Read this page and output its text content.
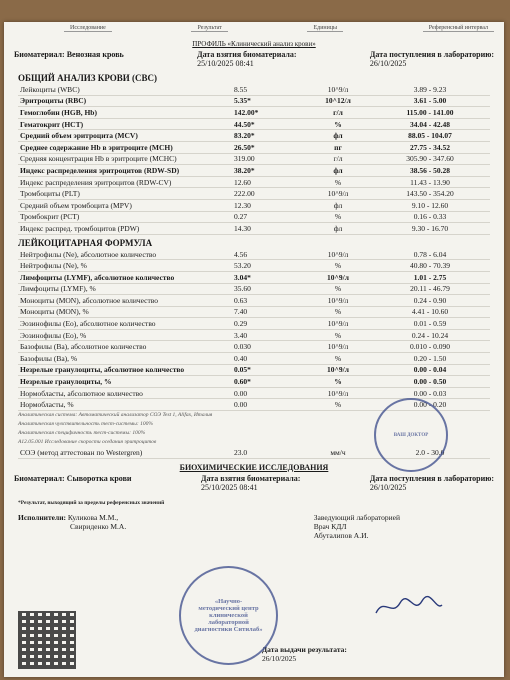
Исследование	Результат	Единицы	Референсный интервал
ПРОФИЛЬ «Клинический анализ крови»
Биоматериал: Венозная кровь	Дата взятия биоматериала:
25/10/2025 08:41
Дата поступления в лабораторию:
26/10/2025
ОБЩИЙ АНАЛИЗ КРОВИ (CBC)
Лейкоциты (WBC)	8.55	10^9/л	3.89 - 9.23
Эритроциты (RBC)	5.35*	10^12/л	3.61 - 5.00
Гемоглобин (HGB, Hb)	142.00*	г/л	115.00 - 141.00
Гематокрит (HCT)	44.50*	%	34.04 - 42.48
Средний объем эритроцита (MCV)	83.20*	фл	88.05 - 104.07
Среднее содержание Hb в эритроците (MCH)	26.50*	пг	27.75 - 34.52
Средняя концентрация Hb в эритроците (MCHC)	319.00	г/л	305.90 - 347.60
Индекс распределения эритроцитов (RDW-SD)	38.20*	фл	38.56 - 50.28
Индекс распределения эритроцитов (RDW-CV)	12.60	%	11.43 - 13.90
Тромбоциты (PLT)	222.00	10^9/л	143.50 - 354.20
Средний объем тромбоцита (MPV)	12.30	фл	9.10 - 12.60
Тромбокрит (PCT)	0.27	%	0.16 - 0.33
Индекс распред. тромбоцитов (PDW)	14.30	фл	9.30 - 16.70
ЛЕЙКОЦИТАРНАЯ ФОРМУЛА
Нейтрофилы (Ne), абсолютное количество	4.56	10^9/л	0.78 - 6.04
Нейтрофилы (Ne), %	53.20	%	40.80 - 70.39
Лимфоциты (LYMF), абсолютное количество	3.04*	10^9/л	1.01 - 2.75
Лимфоциты (LYMF), %	35.60	%	20.11 - 46.79
Моноциты (MON), абсолютное количество	0.63	10^9/л	0.24 - 0.90
Моноциты (MON), %	7.40	%	4.41 - 10.60
Эозинофилы (Eo), абсолютное количество	0.29	10^9/л	0.01 - 0.59
Эозинофилы (Eo), %	3.40	%	0.24 - 10.24
Базофилы (Ba), абсолютное количество	0.030	10^9/л	0.010 - 0.090
Базофилы (Ba), %	0.40	%	0.20 - 1.50
Незрелые гранулоциты, абсолютное количество	0.05*	10^9/л	0.00 - 0.04
Незрелые гранулоциты, %	0.60*	%	0.00 - 0.50
Нормобласты, абсолютное количество	0.00	10^9/л	0.00 - 0.03
Нормобласты, %	0.00	%	0.00 - 0.20
Аналитическая система: Автоматический анализатор СОЭ Test 1, Alifax, Италия
Аналитическая чувствительность тест-системы: 100%
Аналитическая специфичность тест-системы: 100%
А12.05.001 Исследование скорости оседания эритроцитов
СОЭ (метод аттестован по Westergren)	23.0	мм/ч	2.0 - 30.0
БИОХИМИЧЕСКИЕ ИССЛЕДОВАНИЯ
Биоматериал: Сыворотка крови	Дата взятия биоматериала:
25/10/2025 08:41
Дата поступления в лабораторию:
26/10/2025
*Результат, выходящий за пределы референсных значений
Исполнители: Куликова М.М.,
Свириденко М.А.
Заведующий лабораторией
Врач КДЛ
Абуталипов А.И.
Дата выдачи результата:
26/10/2025
«Научно-методический центр клинической лабораторной диагностики Ситилаб»
ВАШ ДОКТОР
